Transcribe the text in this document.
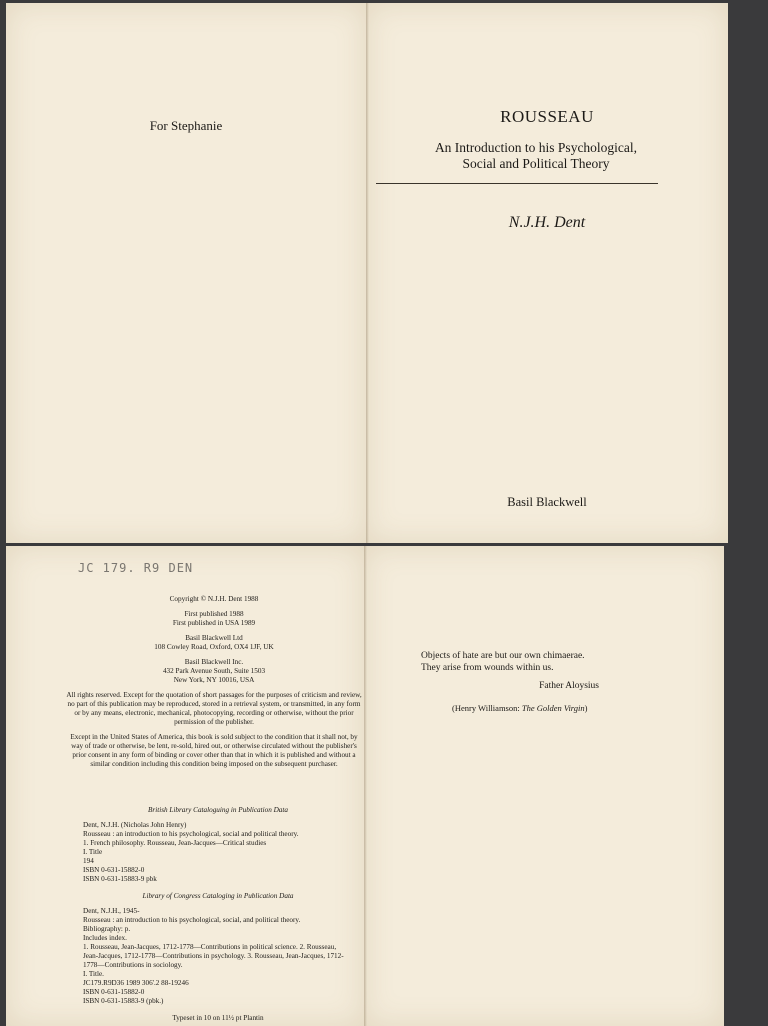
For Stephanie	ROUSSEAU
An Introduction to his Psychological,
Social and Political Theory
N.J.H. Dent
Basil Blackwell
JC 179. R9 DEN

Copyright © N.J.H. Dent 1988

First published 1988
First published in USA 1989

Basil Blackwell Ltd
108 Cowley Road, Oxford, OX4 1JF, UK

Basil Blackwell Inc.
432 Park Avenue South, Suite 1503
New York, NY 10016, USA

All rights reserved. Except for the quotation of short passages for the purposes of criticism and review, no part of this publication may be reproduced, stored in a retrieval system, or transmitted, in any form or by any means, electronic, mechanical, photocopying, recording or otherwise, without the prior permission of the publisher.

Except in the United States of America, this book is sold subject to the condition that it shall not, by way of trade or otherwise, be lent, re-sold, hired out, or otherwise circulated without the publisher's prior consent in any form of binding or cover other than that in which it is published and without a similar condition including this condition being imposed on the subsequent purchaser.

British Library Cataloguing in Publication Data

Dent, N.J.H. (Nicholas John Henry)
Rousseau : an introduction to his psychological, social and political theory.
1. French philosophy. Rousseau, Jean-Jacques—Critical studies
I. Title
194
ISBN 0-631-15882-0
ISBN 0-631-15883-9 pbk

Library of Congress Cataloging in Publication Data

Dent, N.J.H., 1945-
Rousseau : an introduction to his psychological, social, and political theory.
Bibliography: p.
Includes index.
1. Rousseau, Jean-Jacques, 1712-1778—Contributions in political science. 2. Rousseau, Jean-Jacques, 1712-1778—Contributions in psychology. 3. Rousseau, Jean-Jacques, 1712-1778—Contributions in sociology.
I. Title.
JC179.R9D36 1989 306'.2 88-19246
ISBN 0-631-15882-0
ISBN 0-631-15883-9 (pbk.)

Typeset in 10 on 11½ pt Plantin

Objects of hate are but our own chimaerae.
They arise from wounds within us.
Father Aloysius
(Henry Williamson: The Golden Virgin)
